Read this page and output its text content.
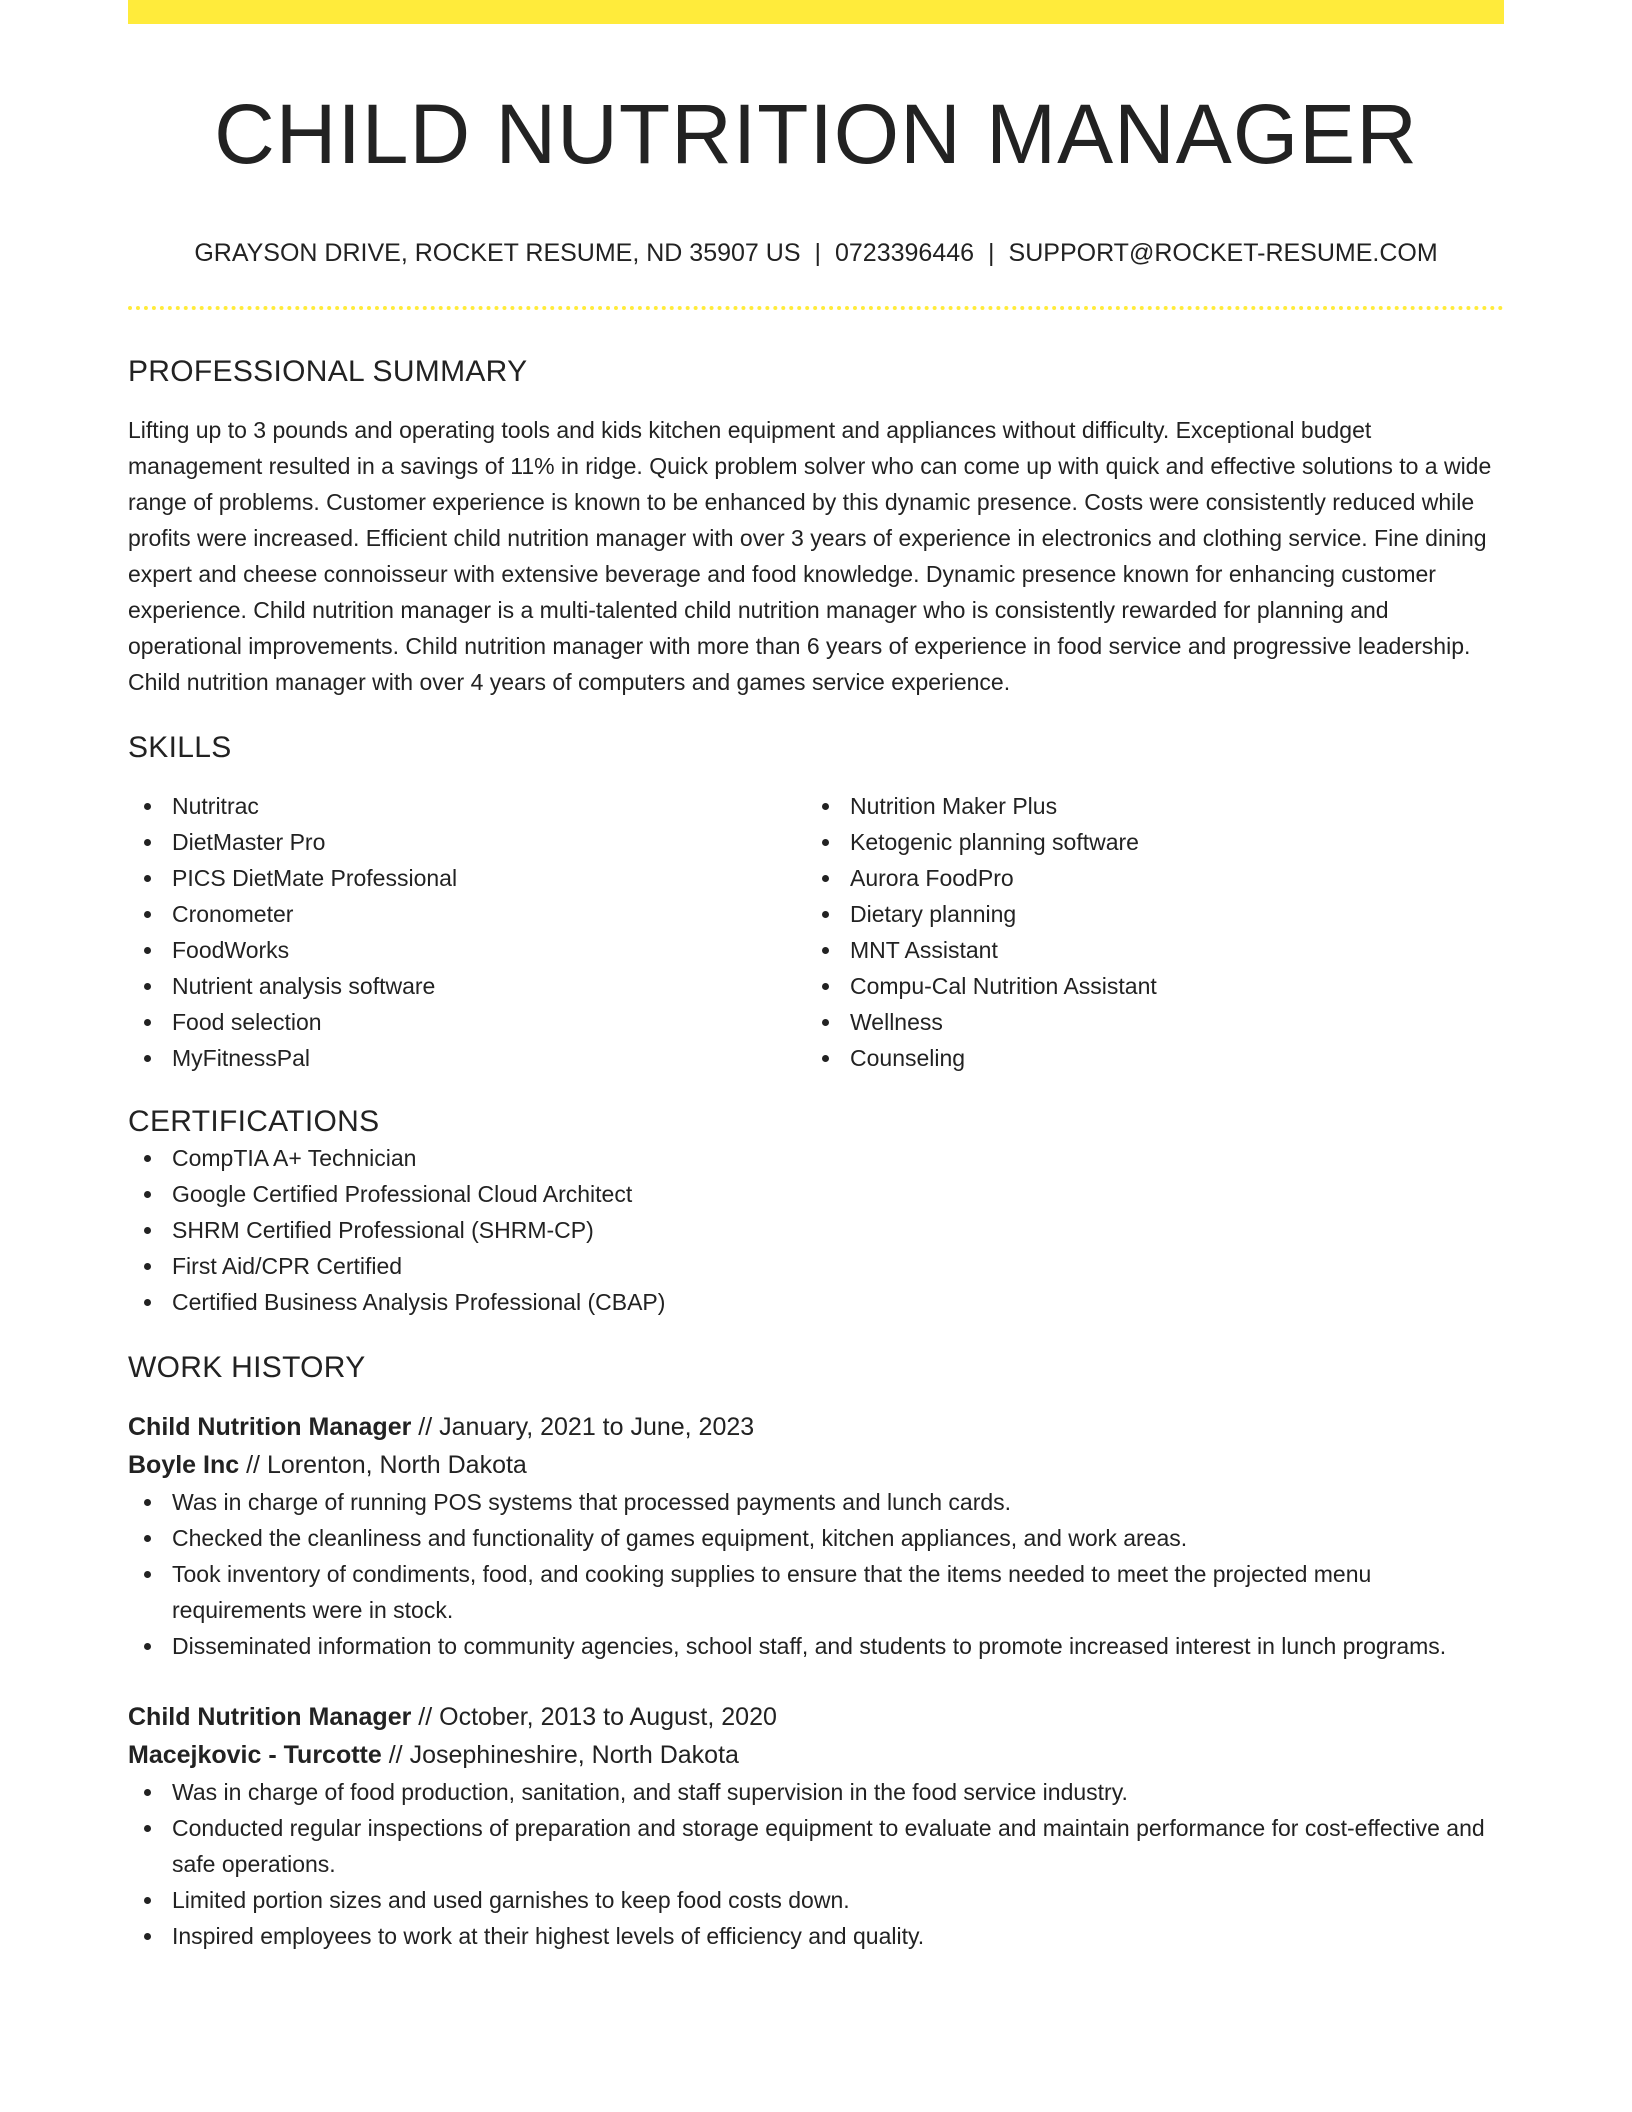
CHILD NUTRITION MANAGER
GRAYSON DRIVE, ROCKET RESUME, ND 35907 US | 0723396446 | SUPPORT@ROCKET-RESUME.COM
PROFESSIONAL SUMMARY

Lifting up to 3 pounds and operating tools and kids kitchen equipment and appliances without difficulty. Exceptional budget management resulted in a savings of 11% in ridge. Quick problem solver who can come up with quick and effective solutions to a wide range of problems. Customer experience is known to be enhanced by this dynamic presence. Costs were consistently reduced while profits were increased. Efficient child nutrition manager with over 3 years of experience in electronics and clothing service. Fine dining expert and cheese connoisseur with extensive beverage and food knowledge. Dynamic presence known for enhancing customer experience. Child nutrition manager is a multi-talented child nutrition manager who is consistently rewarded for planning and operational improvements. Child nutrition manager with more than 6 years of experience in food service and progressive leadership. Child nutrition manager with over 4 years of computers and games service experience.

SKILLS
Nutritrac
DietMaster Pro
PICS DietMate Professional
Cronometer
FoodWorks
Nutrient analysis software
Food selection
MyFitnessPal
Nutrition Maker Plus
Ketogenic planning software
Aurora FoodPro
Dietary planning
MNT Assistant
Compu-Cal Nutrition Assistant
Wellness
Counseling
CERTIFICATIONS
CompTIA A+ Technician
Google Certified Professional Cloud Architect
SHRM Certified Professional (SHRM-CP)
First Aid/CPR Certified
Certified Business Analysis Professional (CBAP)
WORK HISTORY
Child Nutrition Manager // January, 2021 to June, 2023
Boyle Inc // Lorenton, North Dakota
Was in charge of running POS systems that processed payments and lunch cards.
Checked the cleanliness and functionality of games equipment, kitchen appliances, and work areas.
Took inventory of condiments, food, and cooking supplies to ensure that the items needed to meet the projected menu requirements were in stock.
Disseminated information to community agencies, school staff, and students to promote increased interest in lunch programs.
Child Nutrition Manager // October, 2013 to August, 2020
Macejkovic - Turcotte // Josephineshire, North Dakota
Was in charge of food production, sanitation, and staff supervision in the food service industry.
Conducted regular inspections of preparation and storage equipment to evaluate and maintain performance for cost-effective and safe operations.
Limited portion sizes and used garnishes to keep food costs down.
Inspired employees to work at their highest levels of efficiency and quality.
